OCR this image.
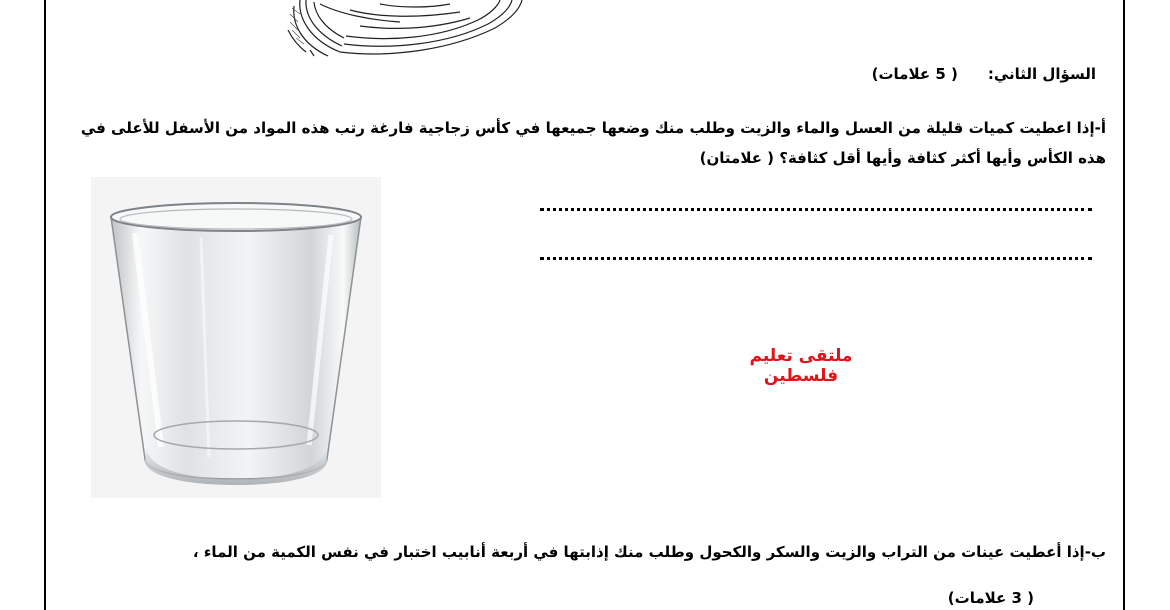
السؤال الثاني:( 5 علامات)
أ-إذا اعطيت كميات قليلة من العسل والماء والزيت وطلب منك وضعها جميعها في كأس زجاجية فارغة رتب هذه المواد من الأسفل للأعلى في هذه الكأس وأيها أكثر كثافة وأيها أقل كثافة؟ ( علامتان)
ملتقى تعليم فلسطين
ب-إذا أعطيت عينات من التراب والزيت والسكر والكحول وطلب منك إذابتها في أربعة أنابيب اختبار في نفس الكمية من الماء ،
( 3 علامات)
